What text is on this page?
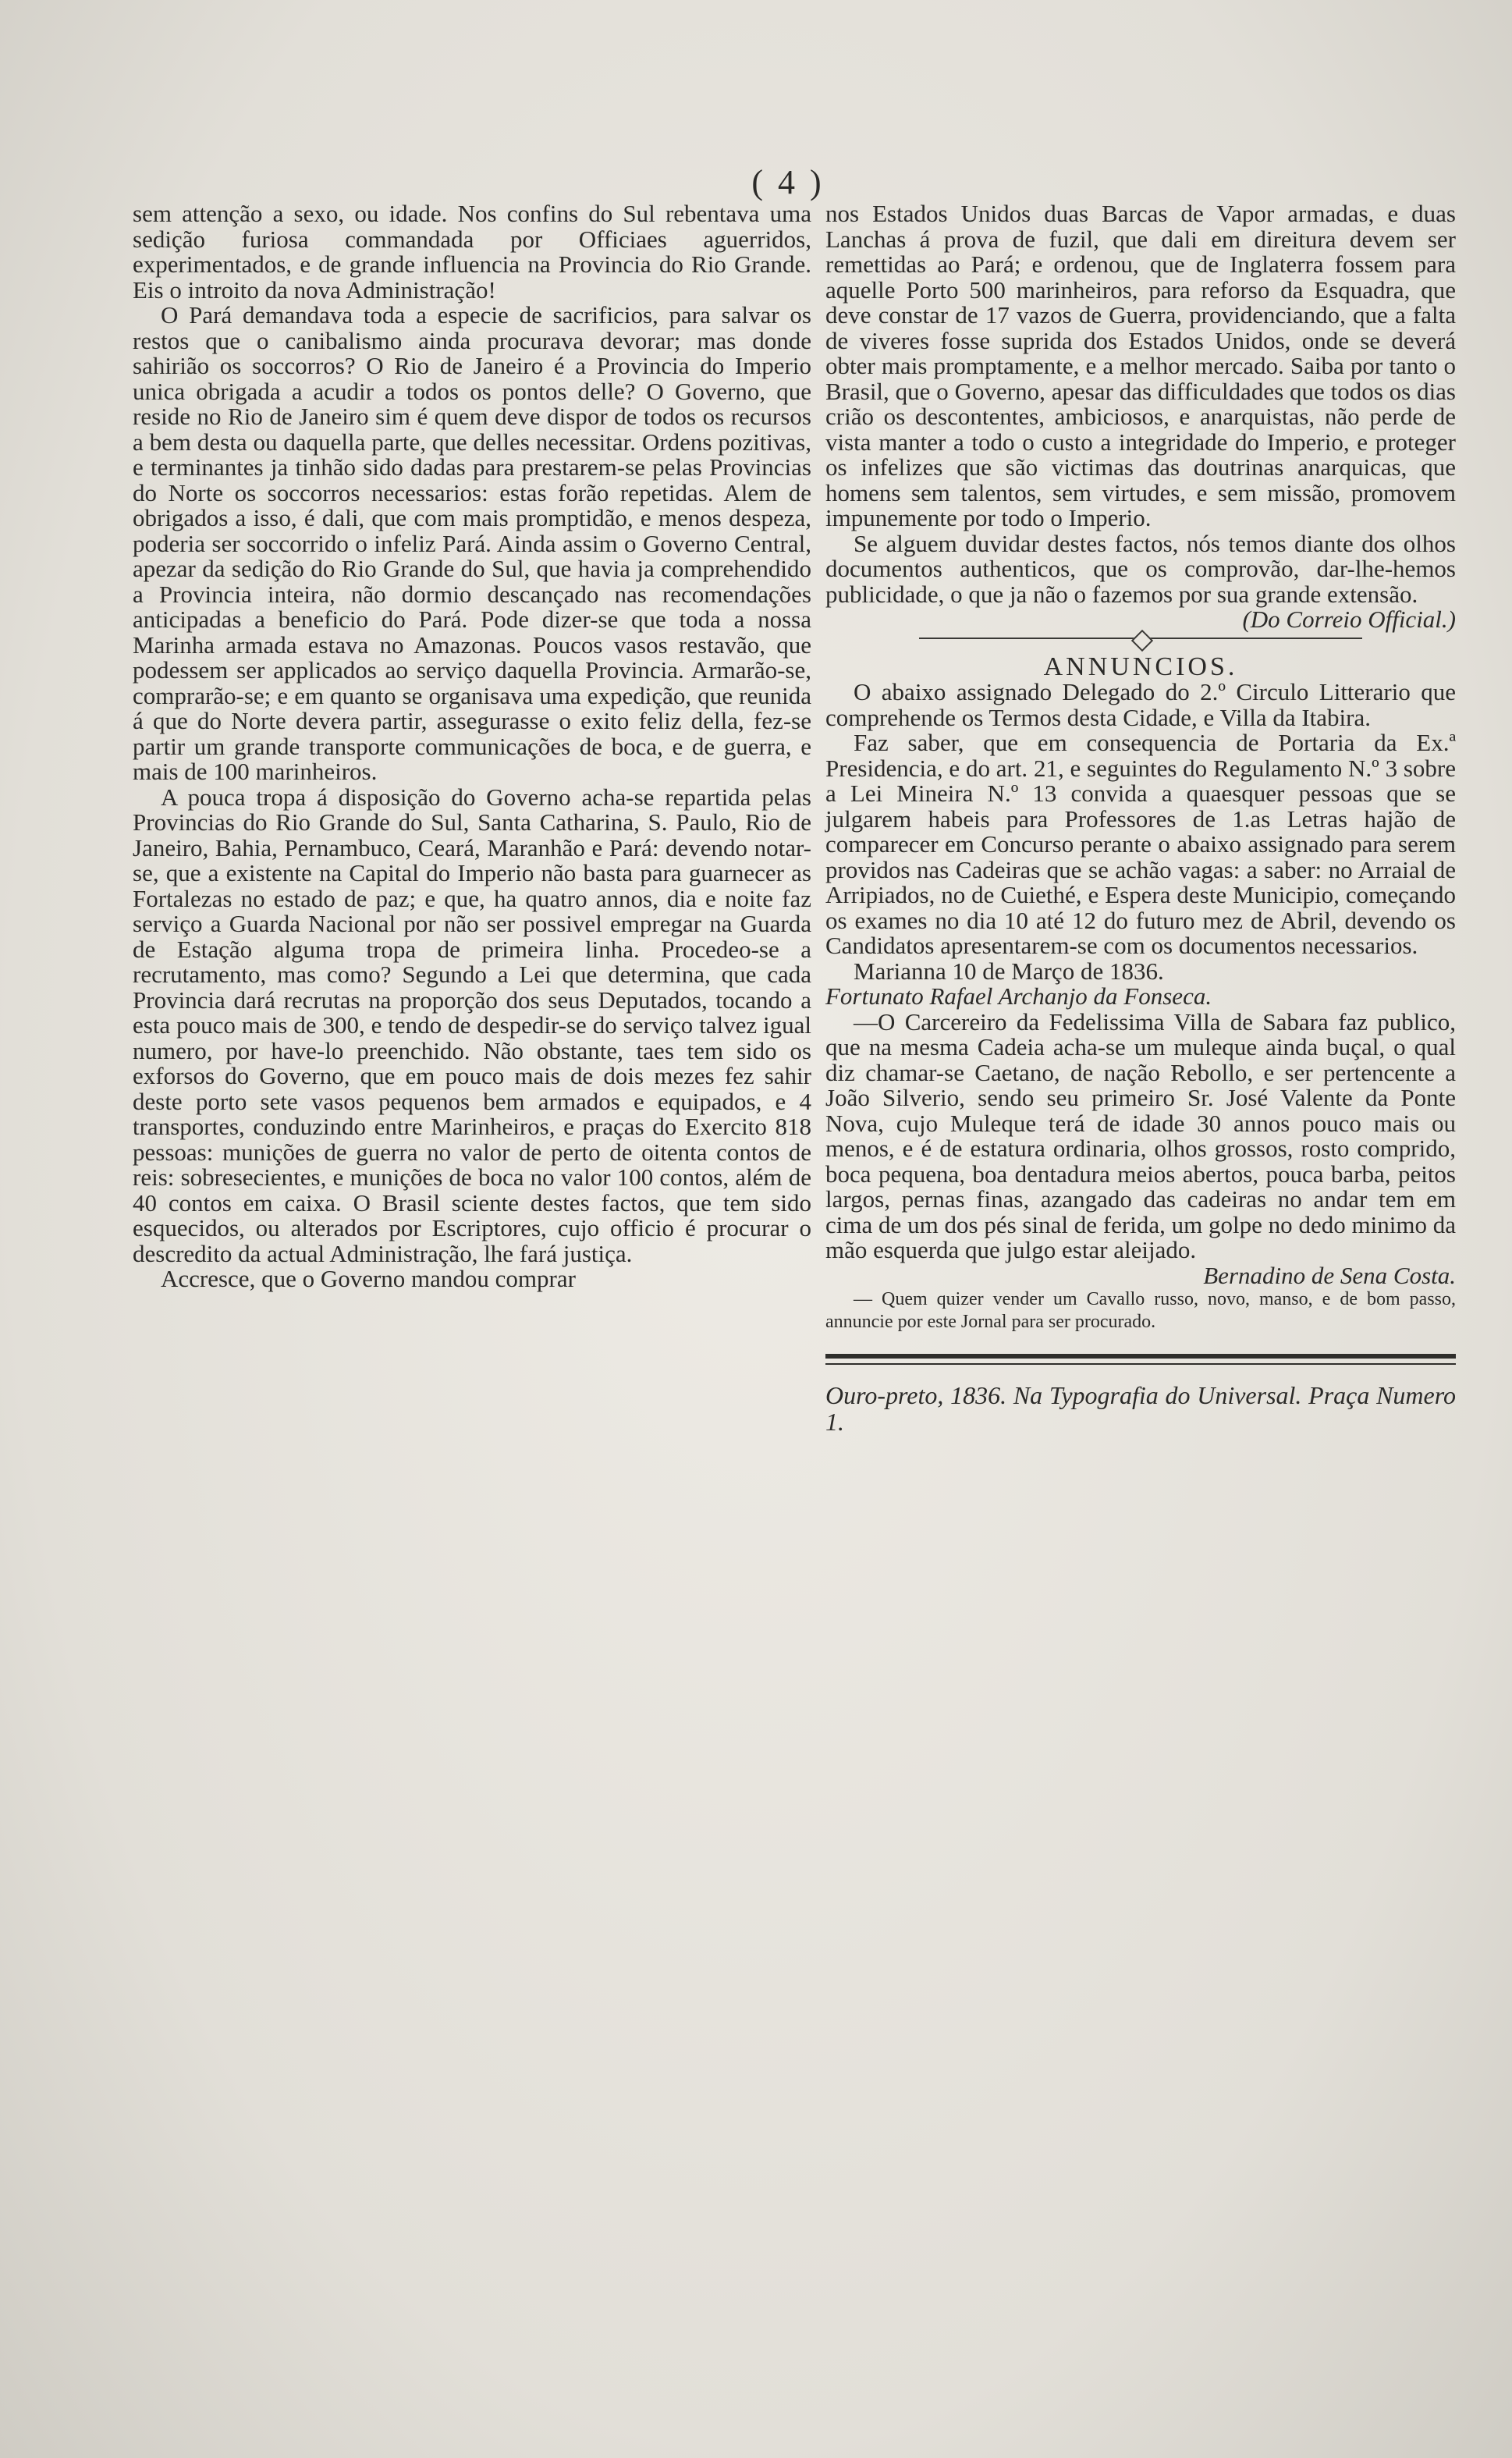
( 4 )

sem attenção a sexo, ou idade. Nos confins do Sul rebentava uma sedição furiosa commandada por Officiaes aguerridos, experimentados, e de grande influencia na Provincia do Rio Grande. Eis o introito da nova Administração!

O Pará demandava toda a especie de sacrificios, para salvar os restos que o canibalismo ainda procurava devorar; mas donde sahirião os soccorros? O Rio de Janeiro é a Provincia do Imperio unica obrigada a acudir a todos os pontos delle? O Governo, que reside no Rio de Janeiro sim é quem deve dispor de todos os recursos a bem desta ou daquella parte, que delles necessitar. Ordens pozitivas, e terminantes ja tinhão sido dadas para prestarem-se pelas Provincias do Norte os soccorros necessarios: estas forão repetidas. Alem de obrigados a isso, é dali, que com mais promptidão, e menos despeza, poderia ser soccorrido o infeliz Pará. Ainda assim o Governo Central, apezar da sedição do Rio Grande do Sul, que havia ja comprehendido a Provincia inteira, não dormio descançado nas recomendações anticipadas a beneficio do Pará. Pode dizer-se que toda a nossa Marinha armada estava no Amazonas. Poucos vasos restavão, que podessem ser applicados ao serviço daquella Provincia. Armarão-se, comprarão-se; e em quanto se organisava uma expedição, que reunida á que do Norte devera partir, assegurasse o exito feliz della, fez-se partir um grande transporte communicações de boca, e de guerra, e mais de 100 marinheiros.

A pouca tropa á disposição do Governo acha-se repartida pelas Provincias do Rio Grande do Sul, Santa Catharina, S. Paulo, Rio de Janeiro, Bahia, Pernambuco, Ceará, Maranhão e Pará: devendo notar-se, que a existente na Capital do Imperio não basta para guarnecer as Fortalezas no estado de paz; e que, ha quatro annos, dia e noite faz serviço a Guarda Nacional por não ser possivel empregar na Guarda de Estação alguma tropa de primeira linha. Procedeo-se a recrutamento, mas como? Segundo a Lei que determina, que cada Provincia dará recrutas na proporção dos seus Deputados, tocando a esta pouco mais de 300, e tendo de despedir-se do serviço talvez igual numero, por have-lo preenchido. Não obstante, taes tem sido os exforsos do Governo, que em pouco mais de dois mezes fez sahir deste porto sete vasos pequenos bem armados e equipados, e 4 transportes, conduzindo entre Marinheiros, e praças do Exercito 818 pessoas: munições de guerra no valor de perto de oitenta contos de reis: sobresecientes, e munições de boca no valor 100 contos, além de 40 contos em caixa. O Brasil sciente destes factos, que tem sido esquecidos, ou alterados por Escriptores, cujo officio é procurar o descredito da actual Administração, lhe fará justiça.

Accresce, que o Governo mandou comprar

nos Estados Unidos duas Barcas de Vapor armadas, e duas Lanchas á prova de fuzil, que dali em direitura devem ser remettidas ao Pará; e ordenou, que de Inglaterra fossem para aquelle Porto 500 marinheiros, para reforso da Esquadra, que deve constar de 17 vazos de Guerra, providenciando, que a falta de viveres fosse suprida dos Estados Unidos, onde se deverá obter mais promptamente, e a melhor mercado. Saiba por tanto o Brasil, que o Governo, apesar das difficuldades que todos os dias crião os descontentes, ambiciosos, e anarquistas, não perde de vista manter a todo o custo a integridade do Imperio, e proteger os infelizes que são victimas das doutrinas anarquicas, que homens sem talentos, sem virtudes, e sem missão, promovem impunemente por todo o Imperio.

Se alguem duvidar destes factos, nós temos diante dos olhos documentos authenticos, que os comprovão, dar-lhe-hemos publicidade, o que ja não o fazemos por sua grande extensão.

(Do Correio Official.)

ANNUNCIOS.

O abaixo assignado Delegado do 2.º Circulo Litterario que comprehende os Termos desta Cidade, e Villa da Itabira.

Faz saber, que em consequencia de Portaria da Ex.ª Presidencia, e do art. 21, e seguintes do Regulamento N.º 3 sobre a Lei Mineira N.º 13 convida a quaesquer pessoas que se julgarem habeis para Professores de 1.as Letras hajão de comparecer em Concurso perante o abaixo assignado para serem providos nas Cadeiras que se achão vagas: a saber: no Arraial de Arripiados, no de Cuiethé, e Espera deste Municipio, começando os exames no dia 10 até 12 do futuro mez de Abril, devendo os Candidatos apresentarem-se com os documentos necessarios.

Marianna 10 de Março de 1836.

Fortunato Rafael Archanjo da Fonseca.

—O Carcereiro da Fedelissima Villa de Sabara faz publico, que na mesma Cadeia acha-se um muleque ainda buçal, o qual diz chamar-se Caetano, de nação Rebollo, e ser pertencente a João Silverio, sendo seu primeiro Sr. José Valente da Ponte Nova, cujo Muleque terá de idade 30 annos pouco mais ou menos, e é de estatura ordinaria, olhos grossos, rosto comprido, boca pequena, boa dentadura meios abertos, pouca barba, peitos largos, pernas finas, azangado das cadeiras no andar tem em cima de um dos pés sinal de ferida, um golpe no dedo minimo da mão esquerda que julgo estar aleijado.

Bernadino de Sena Costa.

— Quem quizer vender um Cavallo russo, novo, manso, e de bom passo, annuncie por este Jornal para ser procurado.

Ouro-preto, 1836. Na Typografia do Universal. Praça Numero 1.
